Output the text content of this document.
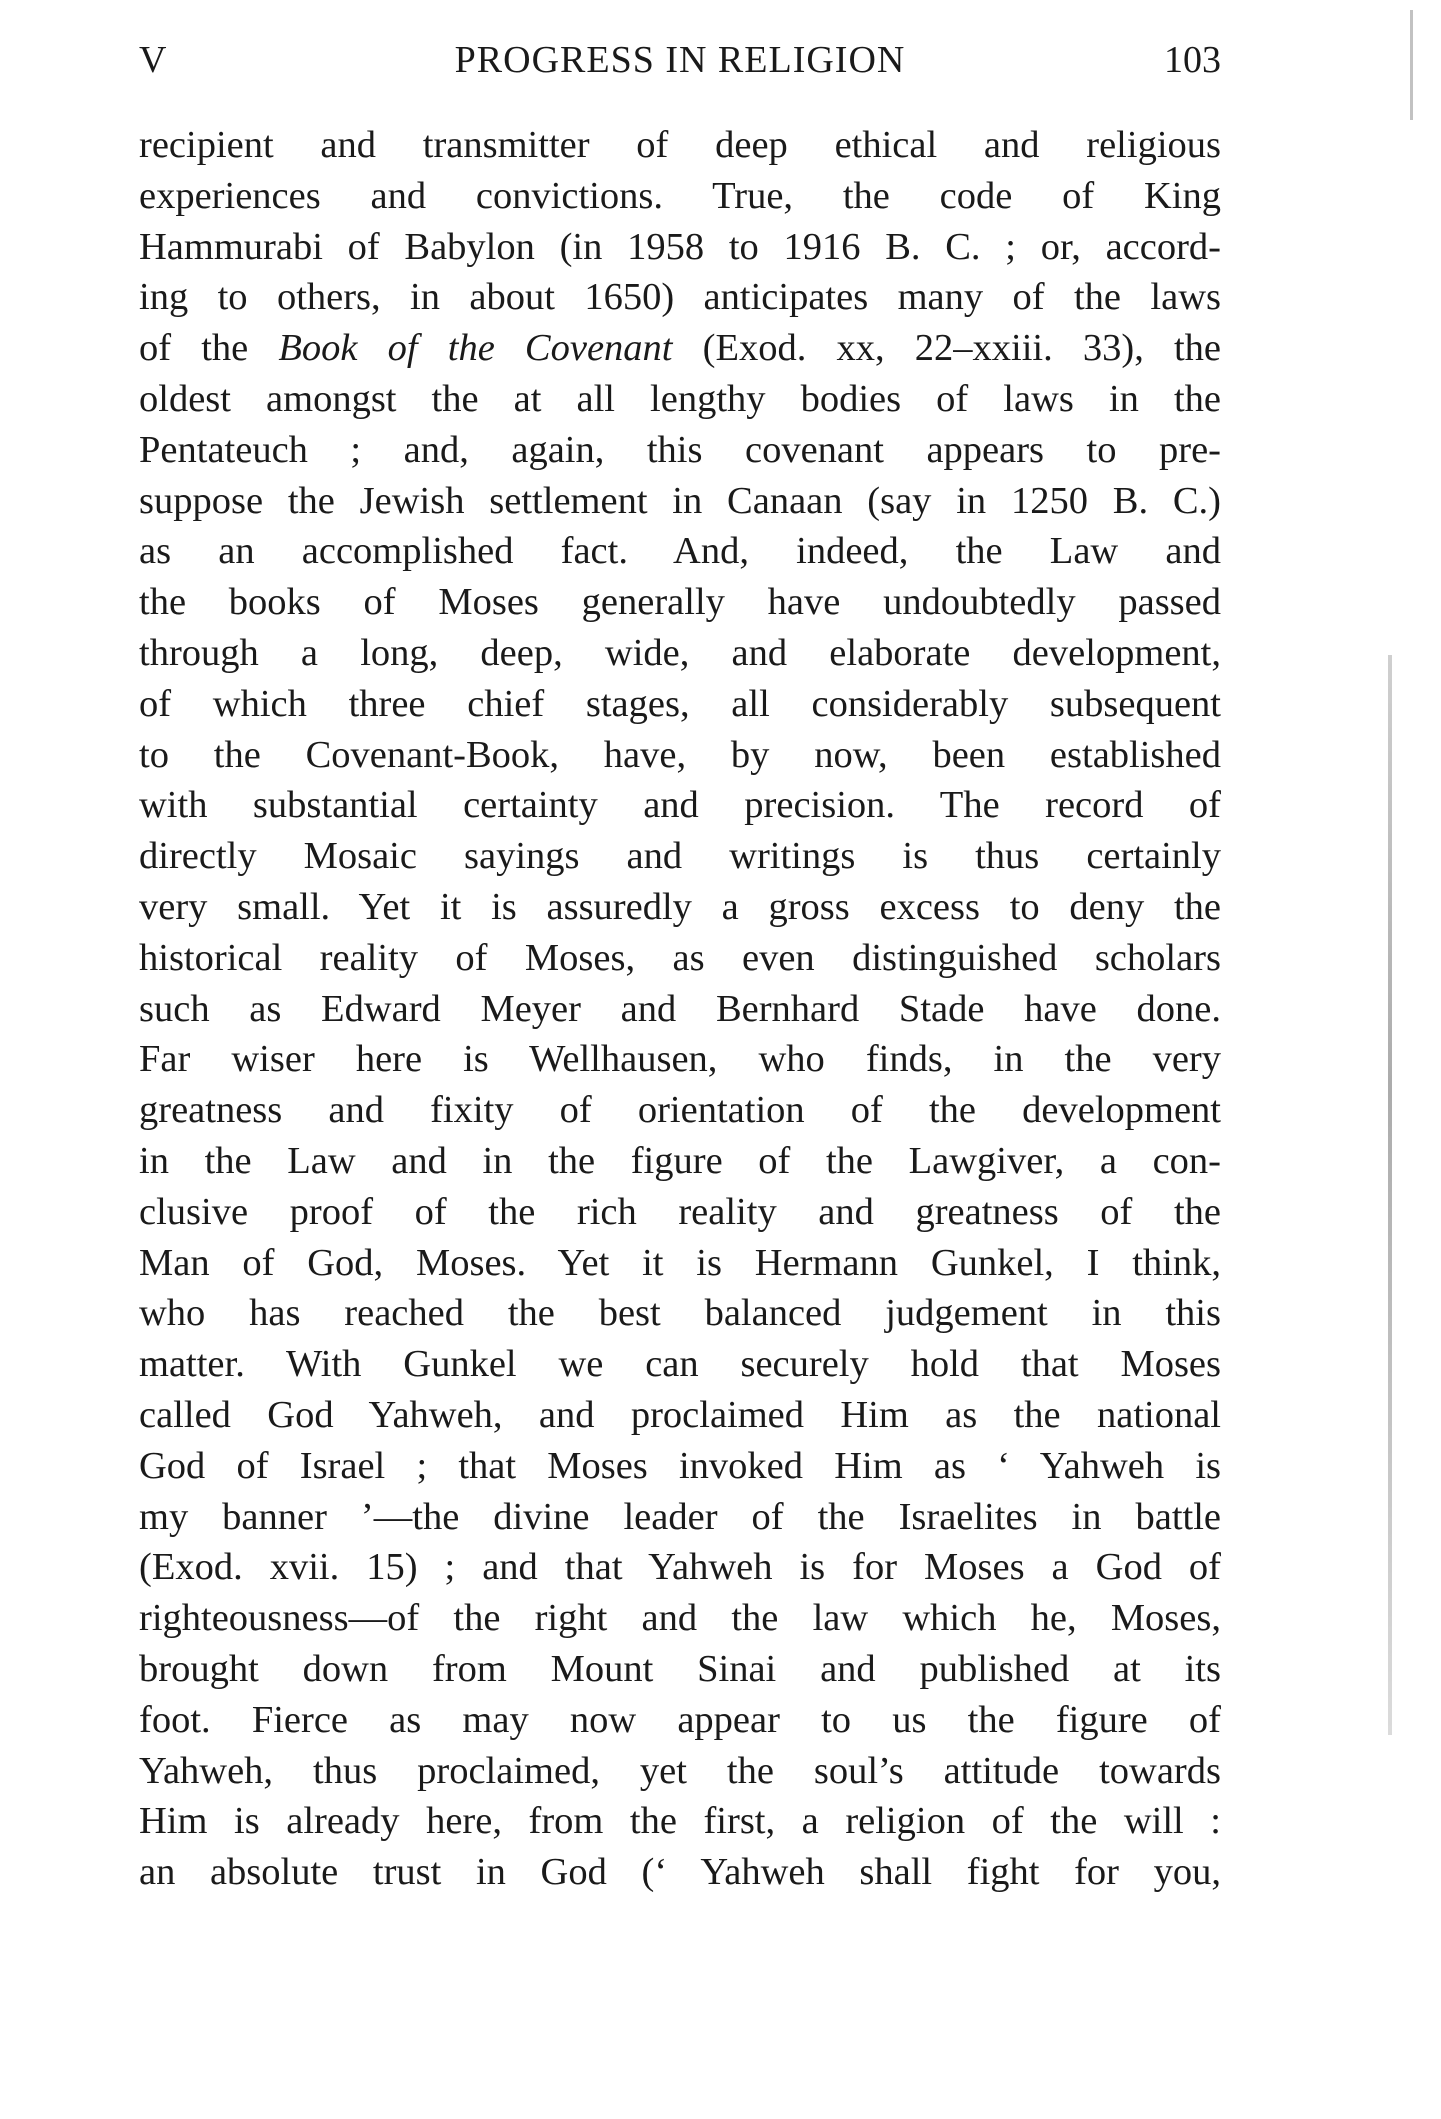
PROGRESS IN RELIGION
V	103
recipient and transmitter of deep ethical and religious
experiences and convictions. True, the code of King
Hammurabi of Babylon (in 1958 to 1916 B. C. ; or, accord-
ing to others, in about 1650) anticipates many of the laws
of the Book of the Covenant (Exod. xx, 22–xxiii. 33), the
oldest amongst the at all lengthy bodies of laws in the
Pentateuch ; and, again, this covenant appears to pre-
suppose the Jewish settlement in Canaan (say in 1250 B. C.)
as an accomplished fact. And, indeed, the Law and
the books of Moses generally have undoubtedly passed
through a long, deep, wide, and elaborate development,
of which three chief stages, all considerably subsequent
to the Covenant-Book, have, by now, been established
with substantial certainty and precision. The record of
directly Mosaic sayings and writings is thus certainly
very small. Yet it is assuredly a gross excess to deny the
historical reality of Moses, as even distinguished scholars
such as Edward Meyer and Bernhard Stade have done.
Far wiser here is Wellhausen, who finds, in the very
greatness and fixity of orientation of the development
in the Law and in the figure of the Lawgiver, a con-
clusive proof of the rich reality and greatness of the
Man of God, Moses. Yet it is Hermann Gunkel, I think,
who has reached the best balanced judgement in this
matter. With Gunkel we can securely hold that Moses
called God Yahweh, and proclaimed Him as the national
God of Israel ; that Moses invoked Him as ‘ Yahweh is
my banner ’—the divine leader of the Israelites in battle
(Exod. xvii. 15) ; and that Yahweh is for Moses a God of
righteousness—of the right and the law which he, Moses,
brought down from Mount Sinai and published at its
foot. Fierce as may now appear to us the figure of
Yahweh, thus proclaimed, yet the soul’s attitude towards
Him is already here, from the first, a religion of the will :
an absolute trust in God (‘ Yahweh shall fight for you,
